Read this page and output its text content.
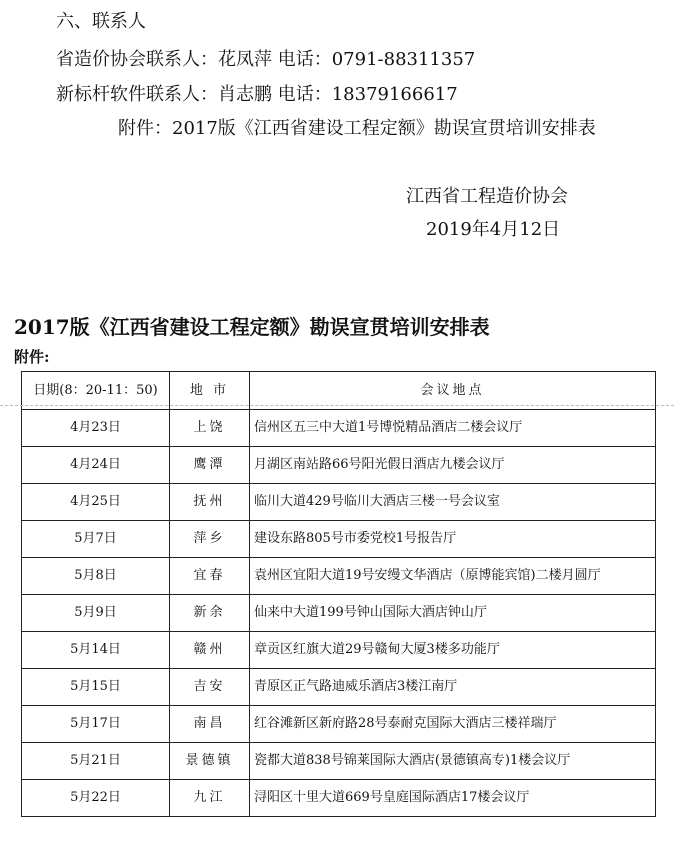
六、联系人
省造价协会联系人：花凤萍 电话：0791-88311357
新标杆软件联系人：肖志鹏 电话：18379166617
附件：2017版《江西省建设工程定额》勘误宣贯培训安排表
江西省工程造价协会
2019年4月12日
2017版《江西省建设工程定额》勘误宣贯培训安排表
附件:
日期(8：20-11：50)	地 市	会议地点
4月23日	上饶	信州区五三中大道1号博悦精品酒店二楼会议厅
4月24日	鹰潭	月湖区南站路66号阳光假日酒店九楼会议厅
4月25日	抚州	临川大道429号临川大酒店三楼一号会议室
5月7日	萍乡	建设东路805号市委党校1号报告厅
5月8日	宜春	袁州区宜阳大道19号安缦文华酒店（原博能宾馆)二楼月圆厅
5月9日	新余	仙来中大道199号钟山国际大酒店钟山厅
5月14日	赣州	章贡区红旗大道29号赣甸大厦3楼多功能厅
5月15日	吉安	青原区正气路迪威乐酒店3楼江南厅
5月17日	南昌	红谷滩新区新府路28号泰耐克国际大酒店三楼祥瑞厅
5月21日	景德镇	瓷都大道838号锦莱国际大酒店(景德镇高专)1楼会议厅
5月22日	九江	浔阳区十里大道669号皇庭国际酒店17楼会议厅
